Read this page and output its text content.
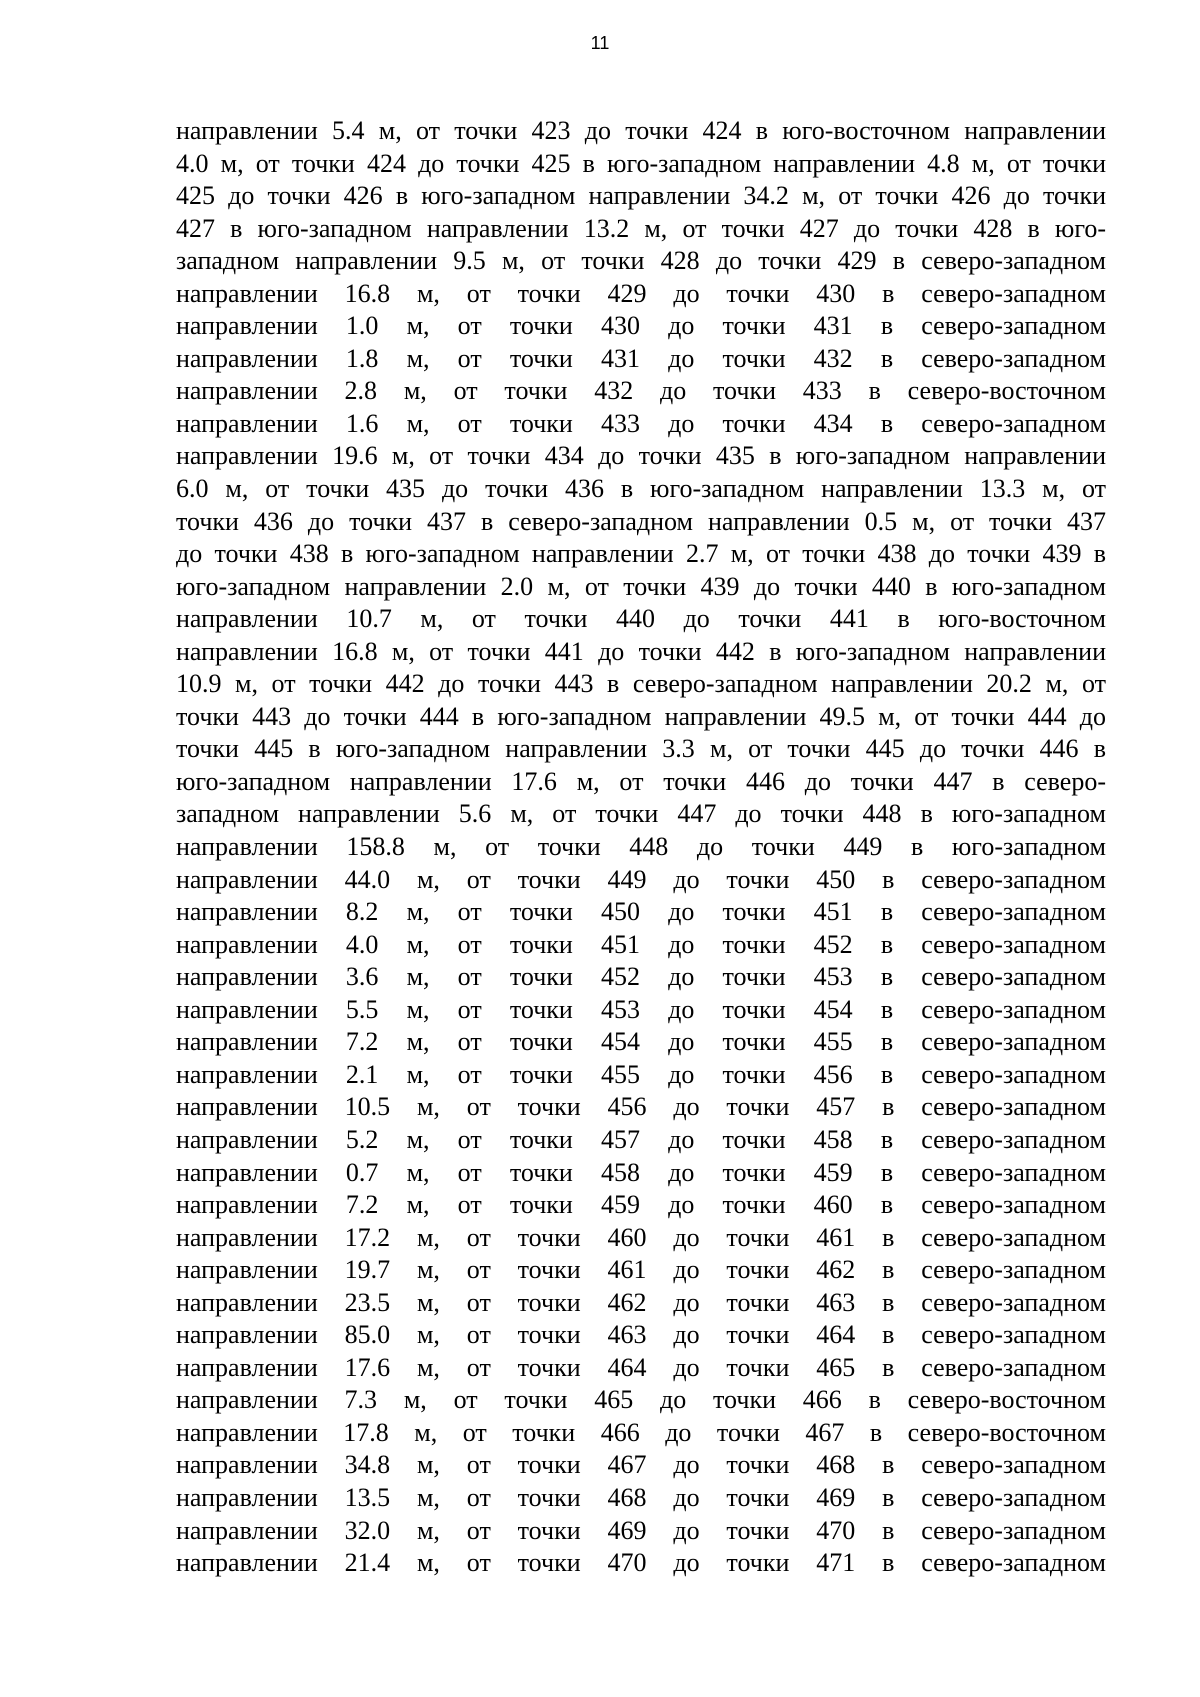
11
направлении 5.4 м, от точки 423 до точки 424 в юго-восточном направлении
4.0 м, от точки 424 до точки 425 в юго-западном направлении 4.8 м, от точки
425 до точки 426 в юго-западном направлении 34.2 м, от точки 426 до точки
427 в юго-западном направлении 13.2 м, от точки 427 до точки 428 в юго-
западном направлении 9.5 м, от точки 428 до точки 429 в северо-западном
направлении 16.8 м, от точки 429 до точки 430 в северо-западном
направлении 1.0 м, от точки 430 до точки 431 в северо-западном
направлении 1.8 м, от точки 431 до точки 432 в северо-западном
направлении 2.8 м, от точки 432 до точки 433 в северо-восточном
направлении 1.6 м, от точки 433 до точки 434 в северо-западном
направлении 19.6 м, от точки 434 до точки 435 в юго-западном направлении
6.0 м, от точки 435 до точки 436 в юго-западном направлении 13.3 м, от
точки 436 до точки 437 в северо-западном направлении 0.5 м, от точки 437
до точки 438 в юго-западном направлении 2.7 м, от точки 438 до точки 439 в
юго-западном направлении 2.0 м, от точки 439 до точки 440 в юго-западном
направлении 10.7 м, от точки 440 до точки 441 в юго-восточном
направлении 16.8 м, от точки 441 до точки 442 в юго-западном направлении
10.9 м, от точки 442 до точки 443 в северо-западном направлении 20.2 м, от
точки 443 до точки 444 в юго-западном направлении 49.5 м, от точки 444 до
точки 445 в юго-западном направлении 3.3 м, от точки 445 до точки 446 в
юго-западном направлении 17.6 м, от точки 446 до точки 447 в северо-
западном направлении 5.6 м, от точки 447 до точки 448 в юго-западном
направлении 158.8 м, от точки 448 до точки 449 в юго-западном
направлении 44.0 м, от точки 449 до точки 450 в северо-западном
направлении 8.2 м, от точки 450 до точки 451 в северо-западном
направлении 4.0 м, от точки 451 до точки 452 в северо-западном
направлении 3.6 м, от точки 452 до точки 453 в северо-западном
направлении 5.5 м, от точки 453 до точки 454 в северо-западном
направлении 7.2 м, от точки 454 до точки 455 в северо-западном
направлении 2.1 м, от точки 455 до точки 456 в северо-западном
направлении 10.5 м, от точки 456 до точки 457 в северо-западном
направлении 5.2 м, от точки 457 до точки 458 в северо-западном
направлении 0.7 м, от точки 458 до точки 459 в северо-западном
направлении 7.2 м, от точки 459 до точки 460 в северо-западном
направлении 17.2 м, от точки 460 до точки 461 в северо-западном
направлении 19.7 м, от точки 461 до точки 462 в северо-западном
направлении 23.5 м, от точки 462 до точки 463 в северо-западном
направлении 85.0 м, от точки 463 до точки 464 в северо-западном
направлении 17.6 м, от точки 464 до точки 465 в северо-западном
направлении 7.3 м, от точки 465 до точки 466 в северо-восточном
направлении 17.8 м, от точки 466 до точки 467 в северо-восточном
направлении 34.8 м, от точки 467 до точки 468 в северо-западном
направлении 13.5 м, от точки 468 до точки 469 в северо-западном
направлении 32.0 м, от точки 469 до точки 470 в северо-западном
направлении 21.4 м, от точки 470 до точки 471 в северо-западном
